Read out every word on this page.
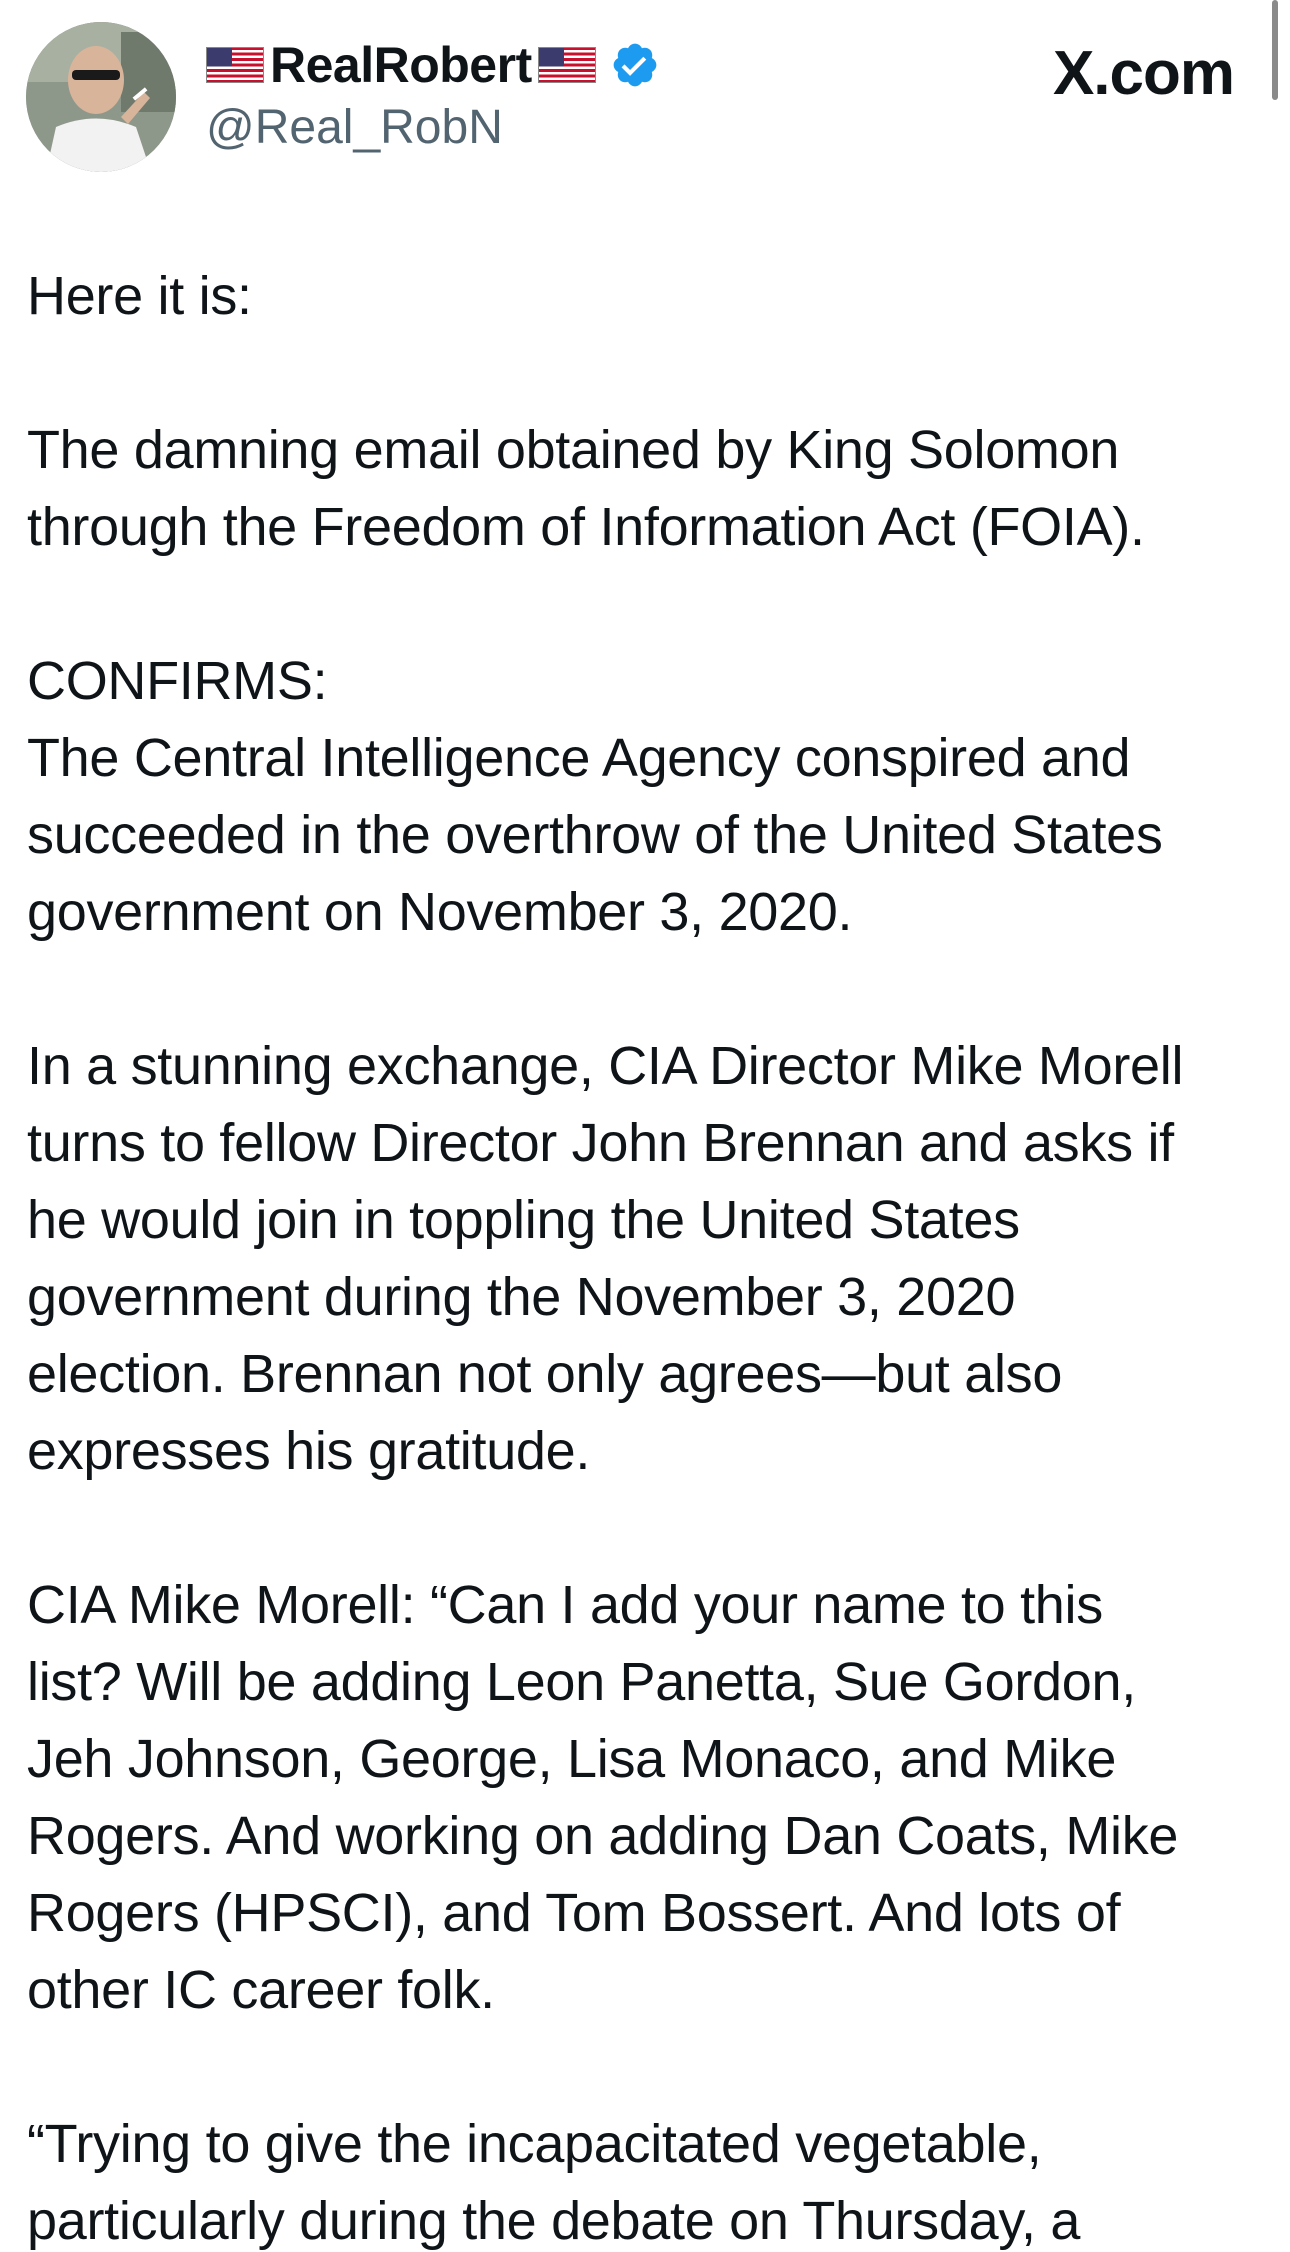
RealRobert
@Real_RobN
X.com
Here it is:
The damning email obtained by King Solomon
through the Freedom of Information Act (FOIA).
CONFIRMS:
The Central Intelligence Agency conspired and
succeeded in the overthrow of the United States
government on November 3, 2020.
In a stunning exchange, CIA Director Mike Morell
turns to fellow Director John Brennan and asks if
he would join in toppling the United States
government during the November 3, 2020
election. Brennan not only agrees—but also
expresses his gratitude.
CIA Mike Morell: “Can I add your name to this
list? Will be adding Leon Panetta, Sue Gordon,
Jeh Johnson, George, Lisa Monaco, and Mike
Rogers. And working on adding Dan Coats, Mike
Rogers (HPSCI), and Tom Bossert. And lots of
other IC career folk.
“Trying to give the incapacitated vegetable,
particularly during the debate on Thursday, a
